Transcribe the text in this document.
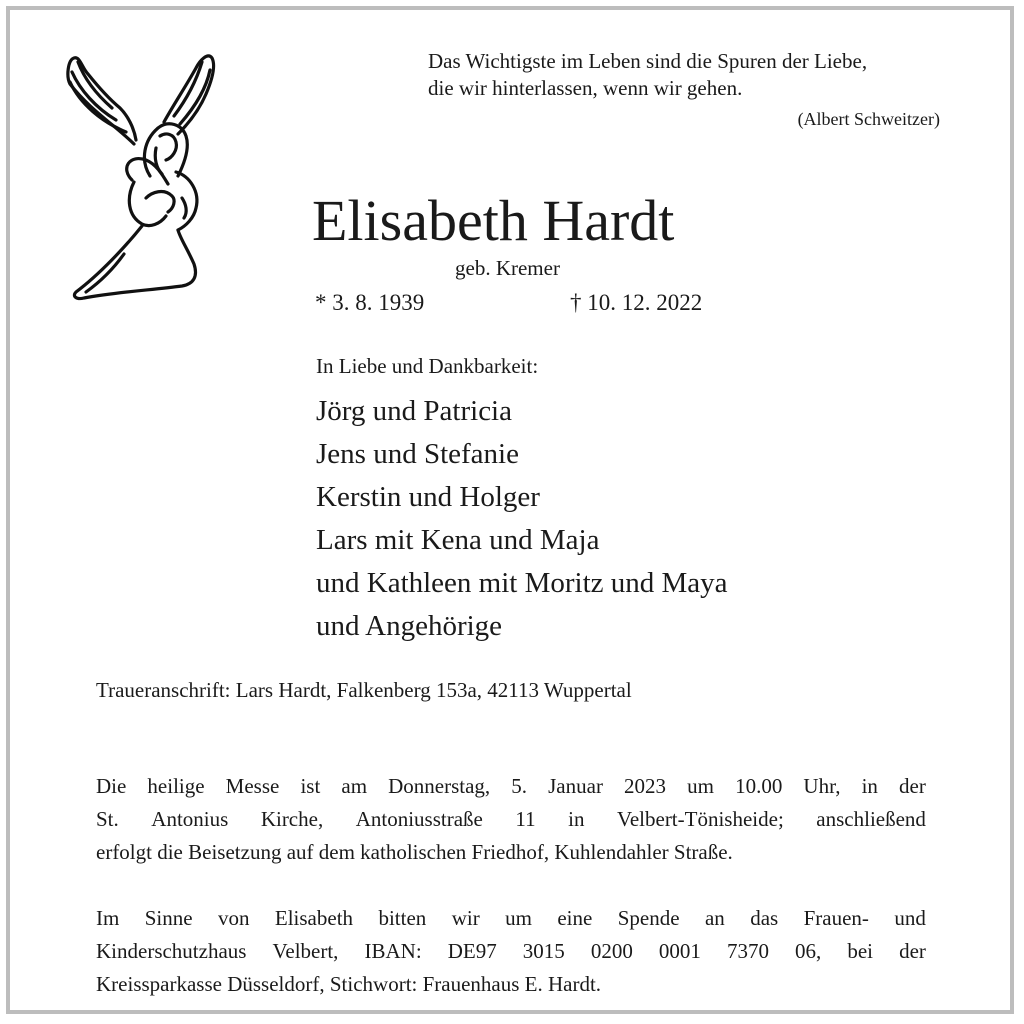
Das Wichtigste im Leben sind die Spuren der Liebe,
die wir hinterlassen, wenn wir gehen.
(Albert Schweitzer)
Elisabeth Hardt
geb. Kremer
* 3. 8. 1939	† 10. 12. 2022
In Liebe und Dankbarkeit:
Jörg und Patricia
Jens und Stefanie
Kerstin und Holger
Lars mit Kena und Maja
und Kathleen mit Moritz und Maya
und Angehörige
Traueranschrift: Lars Hardt, Falkenberg 153a, 42113 Wuppertal
Die heilige Messe ist am Donnerstag, 5. Januar 2023 um 10.00 Uhr, in der
St. Antonius Kirche, Antoniusstraße 11 in Velbert-Tönisheide; anschließend
erfolgt die Beisetzung auf dem katholischen Friedhof, Kuhlendahler Straße.
Im Sinne von Elisabeth bitten wir um eine Spende an das Frauen- und
Kinderschutzhaus Velbert, IBAN: DE97 3015 0200 0001 7370 06, bei der
Kreissparkasse Düsseldorf, Stichwort: Frauenhaus E. Hardt.
